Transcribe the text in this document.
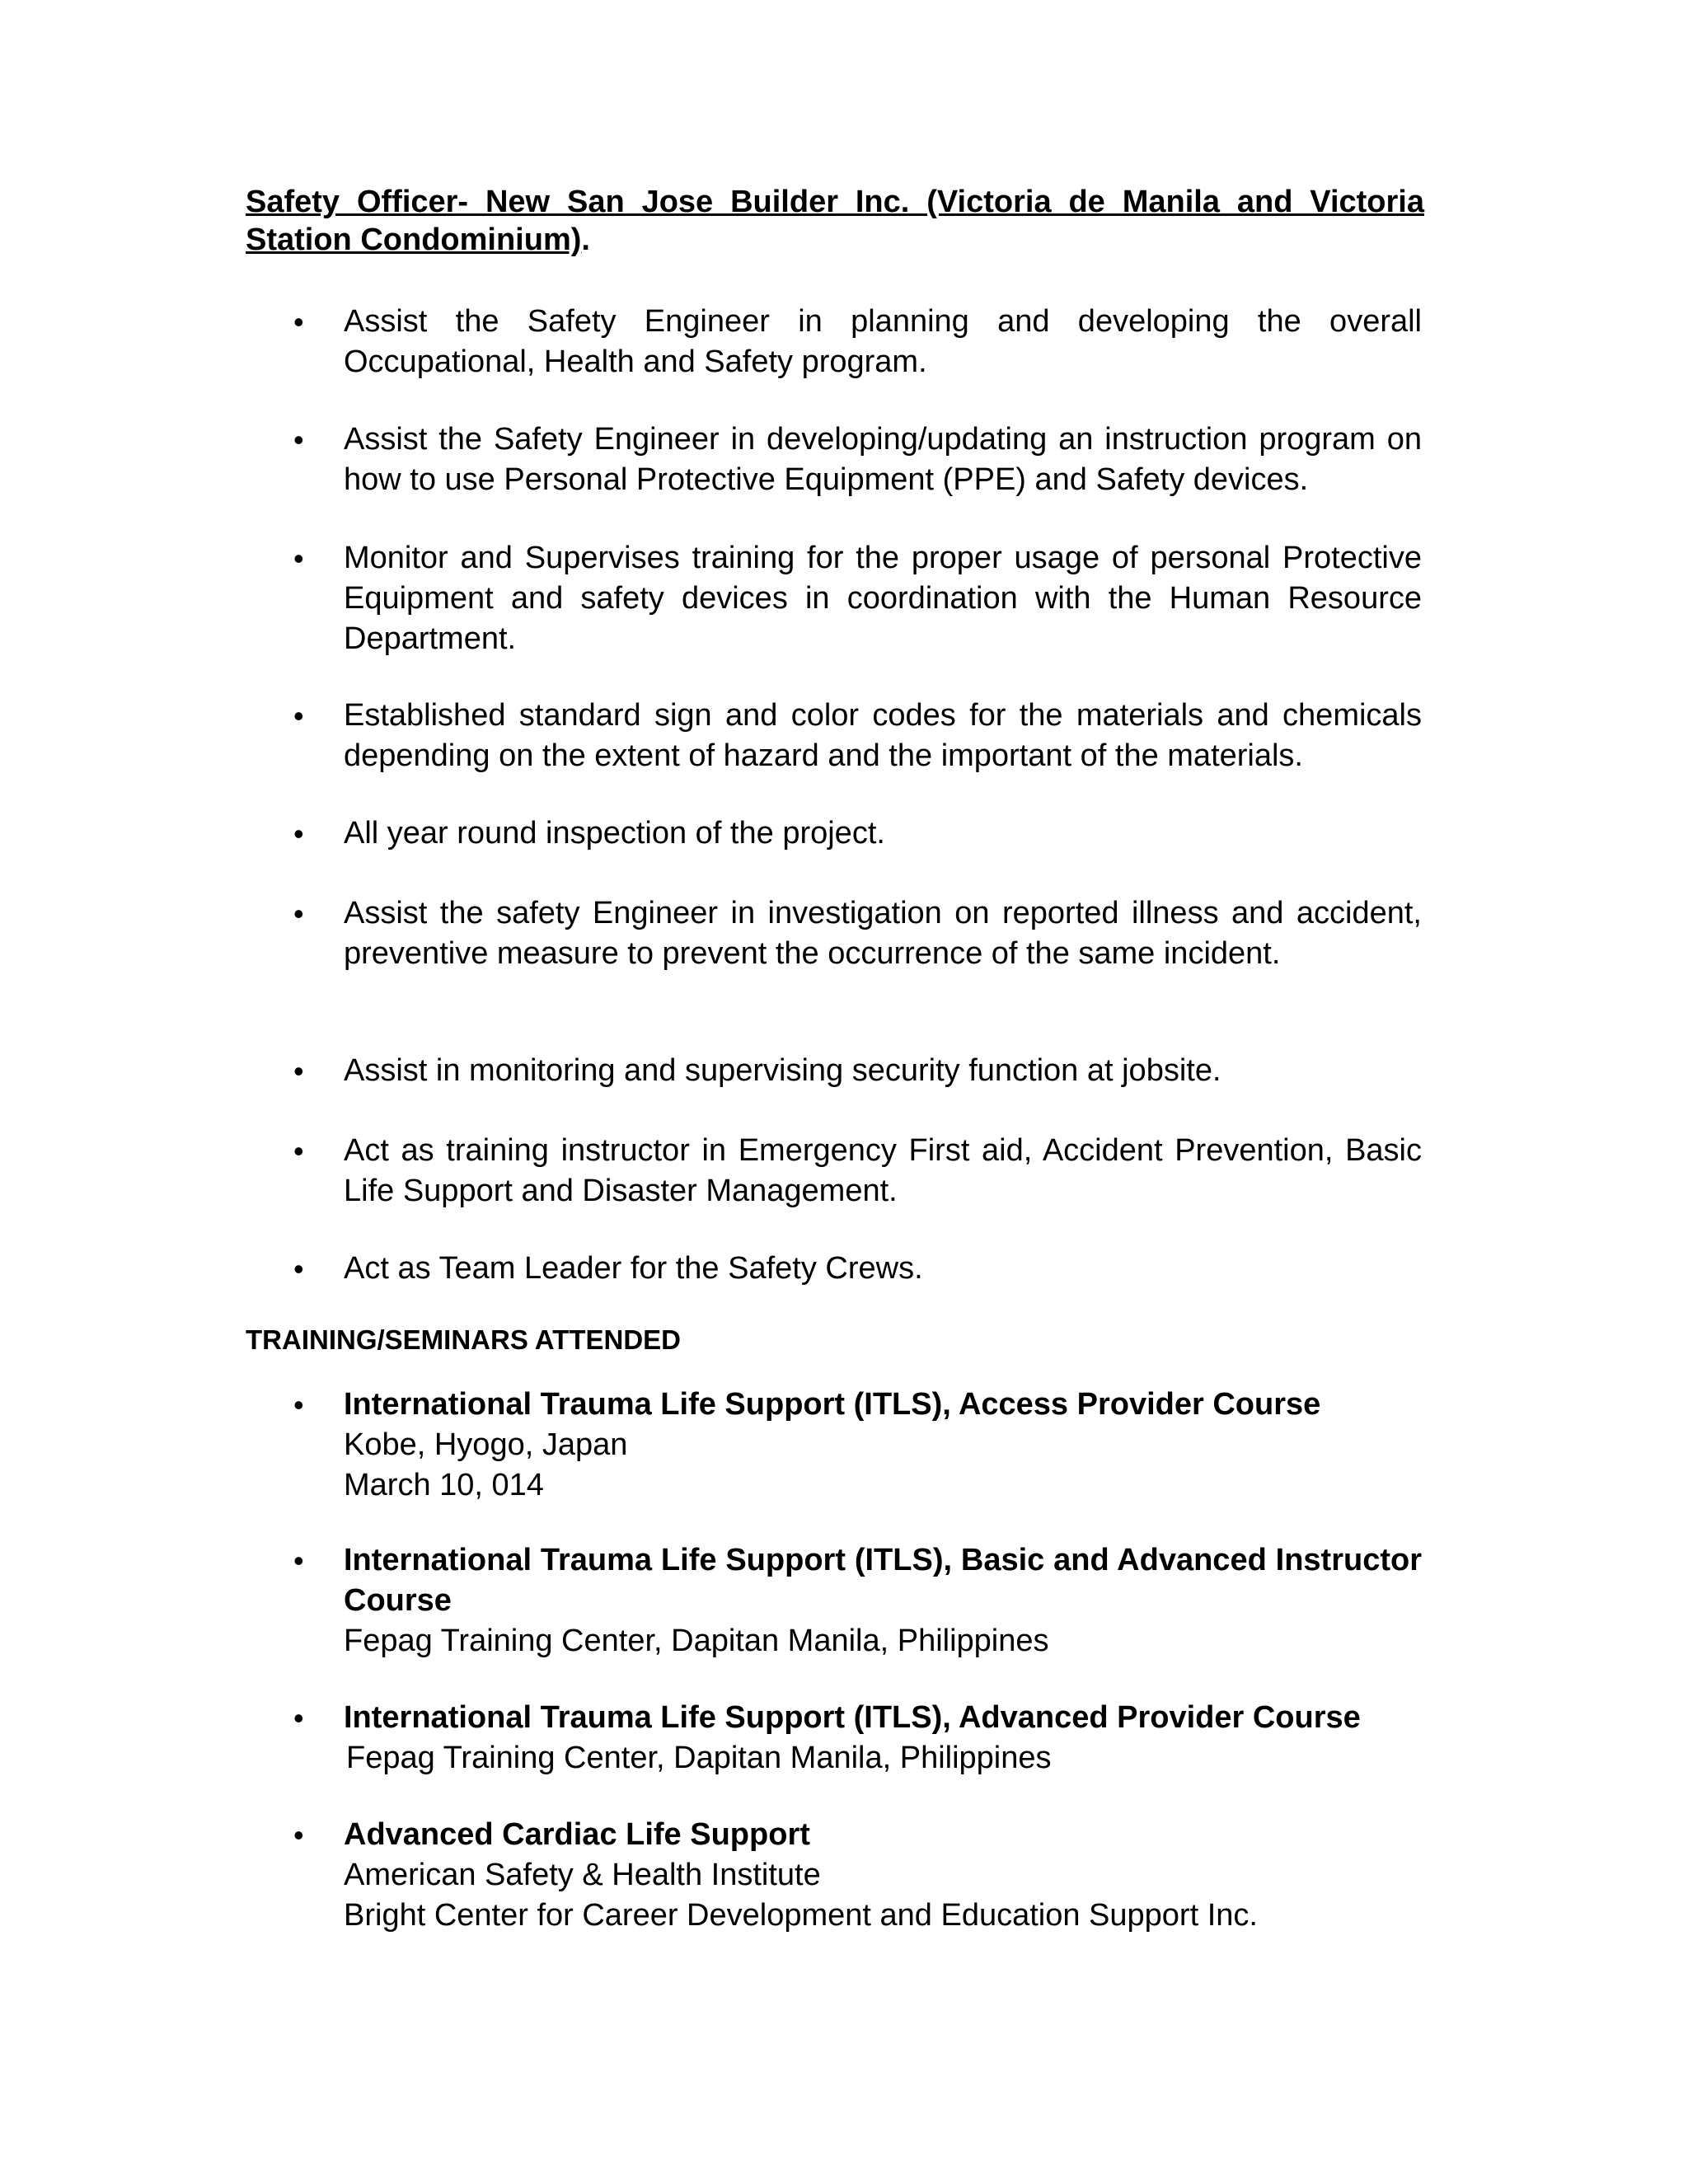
Safety Officer- New San Jose Builder Inc. (Victoria de Manila and Victoria Station Condominium).
• Assist the Safety Engineer in planning and developing the overall Occupational, Health and Safety program.
• Assist the Safety Engineer in developing/updating an instruction program on how to use Personal Protective Equipment (PPE) and Safety devices.
• Monitor and Supervises training for the proper usage of personal Protective Equipment and safety devices in coordination with the Human Resource Department.
• Established standard sign and color codes for the materials and chemicals depending on the extent of hazard and the important of the materials.
• All year round inspection of the project.
• Assist the safety Engineer in investigation on reported illness and accident, preventive measure to prevent the occurrence of the same incident.
• Assist in monitoring and supervising security function at jobsite.
• Act as training instructor in Emergency First aid, Accident Prevention, Basic Life Support and Disaster Management.
• Act as Team Leader for the Safety Crews.
TRAINING/SEMINARS ATTENDED
• International Trauma Life Support (ITLS), Access Provider Course
Kobe, Hyogo, Japan
March 10, 014
• International Trauma Life Support (ITLS), Basic and Advanced Instructor Course
Fepag Training Center, Dapitan Manila, Philippines
• International Trauma Life Support (ITLS), Advanced Provider Course
Fepag Training Center, Dapitan Manila, Philippines
• Advanced Cardiac Life Support
American Safety & Health Institute
Bright Center for Career Development and Education Support Inc.
